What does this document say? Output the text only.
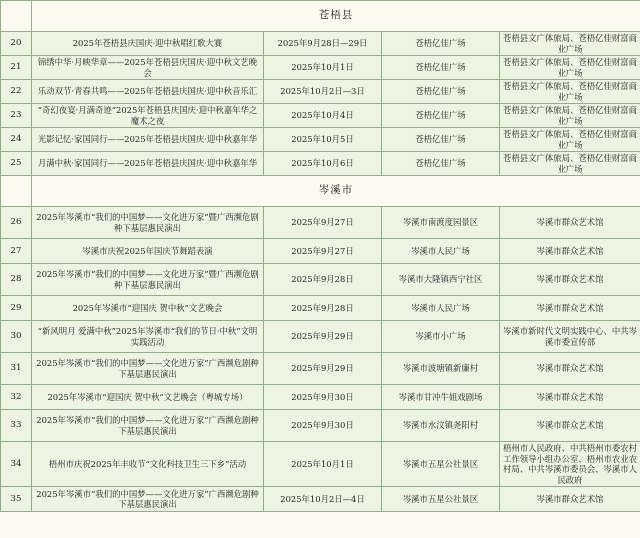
	苍梧县			
20	2025年苍梧县庆国庆·迎中秋唱红歌大赛	2025年9月28日—29日	苍梧亿佳广场	苍梧县文广体旅局、苍梧亿佳财富商业广场
21	锦绣中华·月映华章——2025年苍梧县庆国庆·迎中秋文艺晚会	2025年10月1日	苍梧亿佳广场	苍梧县文广体旅局、苍梧亿佳财富商业广场
22	乐动双节·青春共鸣——2025年苍梧县庆国庆·迎中秋音乐汇	2025年10月2日—3日	苍梧亿佳广场	苍梧县文广体旅局、苍梧亿佳财富商业广场
23	“奇幻夜宴·月满奇迹”2025年苍梧县庆国庆·迎中秋嘉年华之魔术之夜	2025年10月4日	苍梧亿佳广场	苍梧县文广体旅局、苍梧亿佳财富商业广场
24	光影记忆·家国同行——2025年苍梧县庆国庆·迎中秋嘉年华	2025年10月5日	苍梧亿佳广场	苍梧县文广体旅局、苍梧亿佳财富商业广场
25	月满中秋·家国同行——2025年苍梧县庆国庆·迎中秋嘉年华	2025年10月6日	苍梧亿佳广场	苍梧县文广体旅局、苍梧亿佳财富商业广场
	岑溪市			
26	2025年岑溪市“我们的中国梦——文化进万家”暨广西濒危剧种下基层惠民演出	2025年9月27日	岑溪市南渡度园景区	岑溪市群众艺术馆
27	岑溪市庆祝2025年国庆节舞蹈表演	2025年9月27日	岑溪市人民广场	岑溪市群众艺术馆
28	2025年岑溪市“我们的中国梦——文化进万家”暨广西濒危剧种下基层惠民演出	2025年9月28日	岑溪市大隆镇西宁社区	岑溪市群众艺术馆
29	2025年岑溪市“迎国庆 贺中秋”文艺晚会	2025年9月28日	岑溪市人民广场	岑溪市群众艺术馆
30	“新风明月 爱满中秋”2025年岑溪市“我们的节日·中秋”文明实践活动	2025年9月29日	岑溪市小广场	岑溪市新时代文明实践中心、中共岑溪市委宣传部
31	2025年岑溪市“我们的中国梦——文化进万家”广西濒危剧种下基层惠民演出	2025年9月29日	岑溪市波塘镇新廉村	岑溪市群众艺术馆
32	2025年岑溪市“迎国庆 贺中秋”文艺晚会（粤城专场）	2025年9月30日	岑溪市甘冲牛姐戏剧场	岑溪市群众艺术馆
33	2025年岑溪市“我们的中国梦——文化进万家”广西濒危剧种下基层惠民演出	2025年9月30日	岑溪市水汶镇尧阳村	岑溪市群众艺术馆
34	梧州市庆祝2025年丰收节“文化科技卫生三下乡”活动	2025年10月1日	岑溪市五星公社景区	梧州市人民政府、中共梧州市委农村工作领导小组办公室、梧州市农业农村局、中共岑溪市委员会、岑溪市人民政府
35	2025年岑溪市“我们的中国梦——文化进万家”广西濒危剧种下基层惠民演出	2025年10月2日—4日	岑溪市五星公社景区	岑溪市群众艺术馆
